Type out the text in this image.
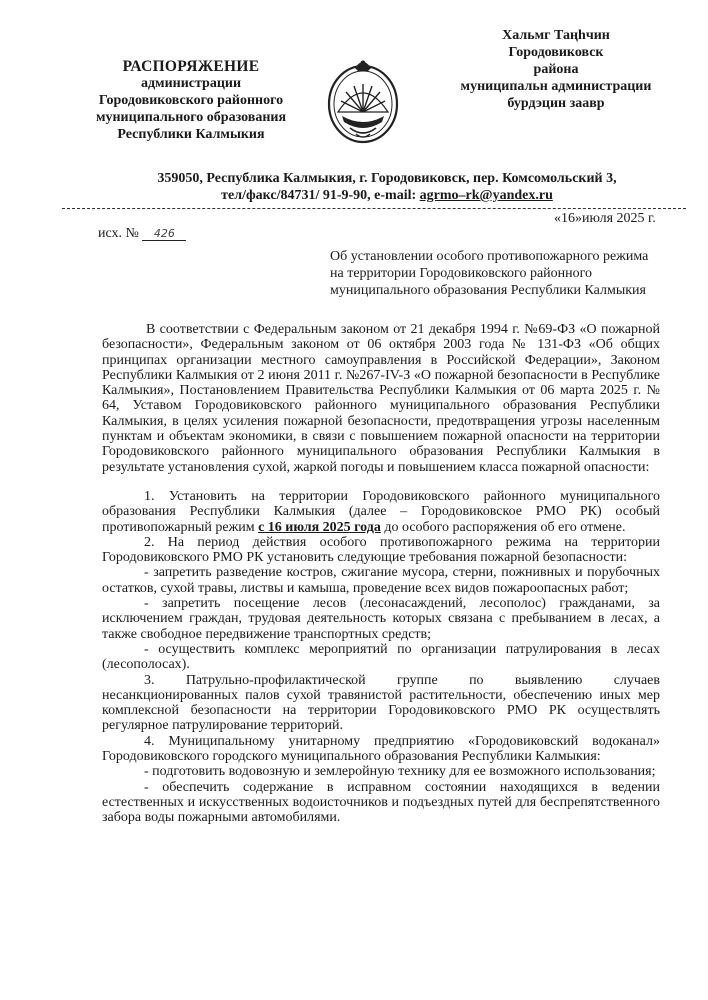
РАСПОРЯЖЕНИЕ
администрации
Городовиковского районного
муниципального образования
Республики Калмыкия
Хальмг Таңһчин
Городовиковск
района
муниципальн администрации
бурдэцин заавр
359050, Республика Калмыкия, г. Городовиковск, пер. Комсомольский 3,
тел/факс/84731/ 91-9-90, e-mail: agrmo–rk@yandex.ru
«16»июля 2025 г.
исх. № 426
Об установлении особого противопожарного режима
на территории Городовиковского районного
муниципального образования Республики Калмыкия

В соответствии с Федеральным законом от 21 декабря 1994 г. №69-ФЗ «О пожарной безопасности», Федеральным законом от 06 октября 2003 года № 131-ФЗ «Об общих принципах организации местного самоуправления в Российской Федерации», Законом Республики Калмыкия от 2 июня 2011 г. №267-IV-З «О пожарной безопасности в Республике Калмыкия», Постановлением Правительства Республики Калмыкия от 06 марта 2025 г. № 64, Уставом Городовиковского районного муниципального образования Республики Калмыкия, в целях усиления пожарной безопасности, предотвращения угрозы населенным пунктам и объектам экономики, в связи с повышением пожарной опасности на территории Городовиковского районного муниципального образования Республики Калмыкия в результате установления сухой, жаркой погоды и повышением класса пожарной опасности:

1. Установить на территории Городовиковского районного муниципального образования Республики Калмыкия (далее – Городовиковское РМО РК) особый противопожарный режим с 16 июля 2025 года до особого распоряжения об его отмене.

2. На период действия особого противопожарного режима на территории Городовиковского РМО РК установить следующие требования пожарной безопасности:

- запретить разведение костров, сжигание мусора, стерни, пожнивных и порубочных остатков, сухой травы, листвы и камыша, проведение всех видов пожароопасных работ;

- запретить посещение лесов (лесонасаждений, лесополос) гражданами, за исключением граждан, трудовая деятельность которых связана с пребыванием в лесах, а также свободное передвижение транспортных средств;

- осуществить комплекс мероприятий по организации патрулирования в лесах (лесополосах).

3. Патрульно-профилактической группе по выявлению случаев несанкционированных палов сухой травянистой растительности, обеспечению иных мер комплексной безопасности на территории Городовиковского РМО РК осуществлять регулярное патрулирование территорий.

4. Муниципальному унитарному предприятию «Городовиковский водоканал» Городовиковского городского муниципального образования Республики Калмыкия:

- подготовить водовозную и землеройную технику для ее возможного использования;

- обеспечить содержание в исправном состоянии находящихся в ведении естественных и искусственных водоисточников и подъездных путей для беспрепятственного забора воды пожарными автомобилями.
